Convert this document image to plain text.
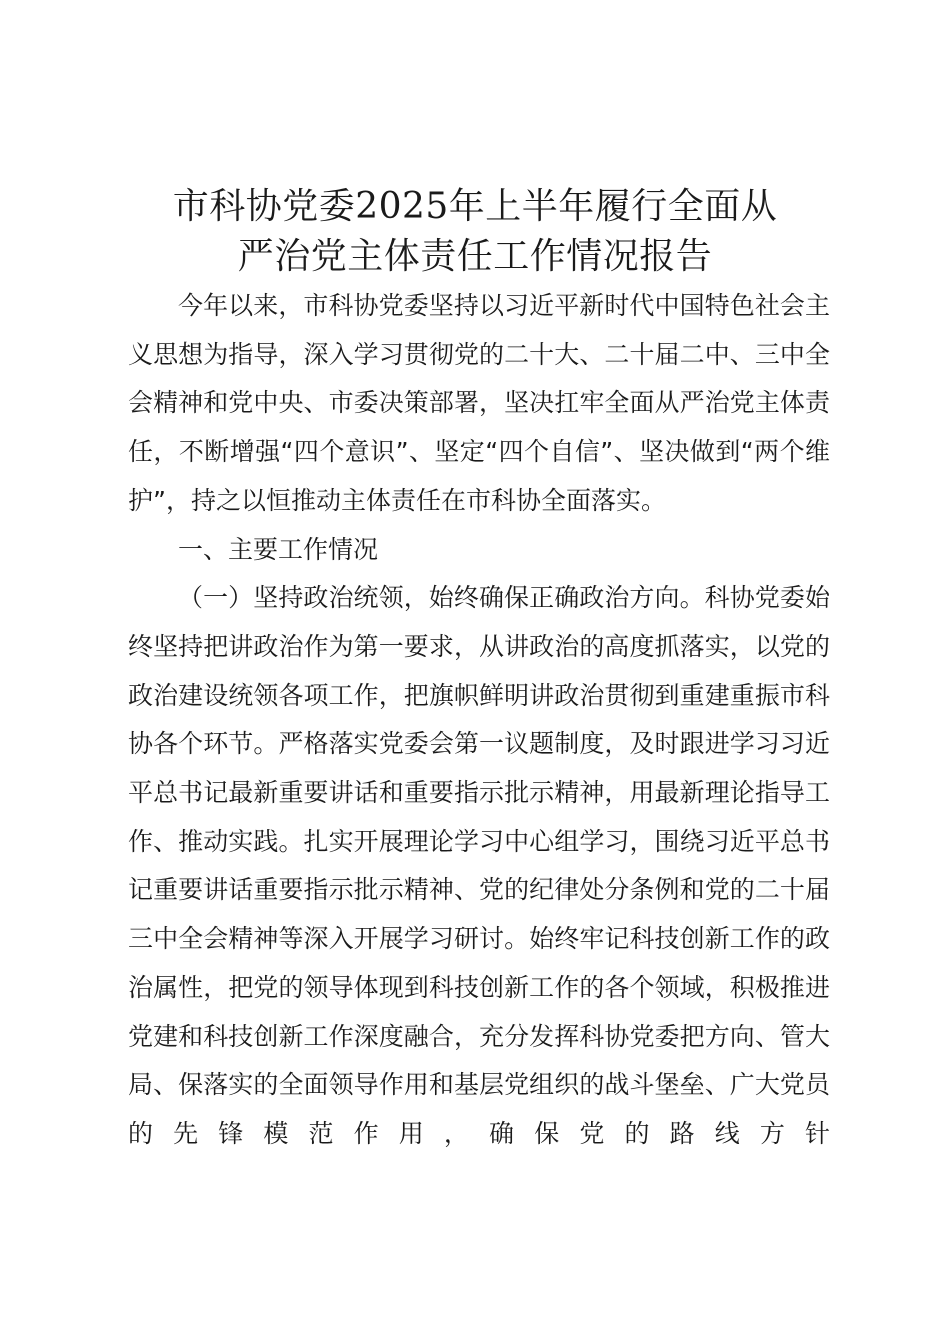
市科协党委2025年上半年履行全面从
严治党主体责任工作情况报告

今年以来，市科协党委坚持以习近平新时代中国特色社会主义思想为指导，深入学习贯彻党的二十大、二十届二中、三中全会精神和党中央、市委决策部署，坚决扛牢全面从严治党主体责任，不断增强“四个意识”、坚定“四个自信”、坚决做到“两个维护”，持之以恒推动主体责任在市科协全面落实。

一、主要工作情况

（一）坚持政治统领，始终确保正确政治方向。科协党委始终坚持把讲政治作为第一要求，从讲政治的高度抓落实，以党的政治建设统领各项工作，把旗帜鲜明讲政治贯彻到重建重振市科协各个环节。严格落实党委会第一议题制度，及时跟进学习习近平总书记最新重要讲话和重要指示批示精神，用最新理论指导工作、推动实践。扎实开展理论学习中心组学习，围绕习近平总书记重要讲话重要指示批示精神、党的纪律处分条例和党的二十届三中全会精神等深入开展学习研讨。始终牢记科技创新工作的政治属性，把党的领导体现到科技创新工作的各个领域，积极推进党建和科技创新工作深度融合，充分发挥科协党委把方向、管大局、保落实的全面领导作用和基层党组织的战斗堡垒、广大党员的先锋模范作用，确保党的路线方针
